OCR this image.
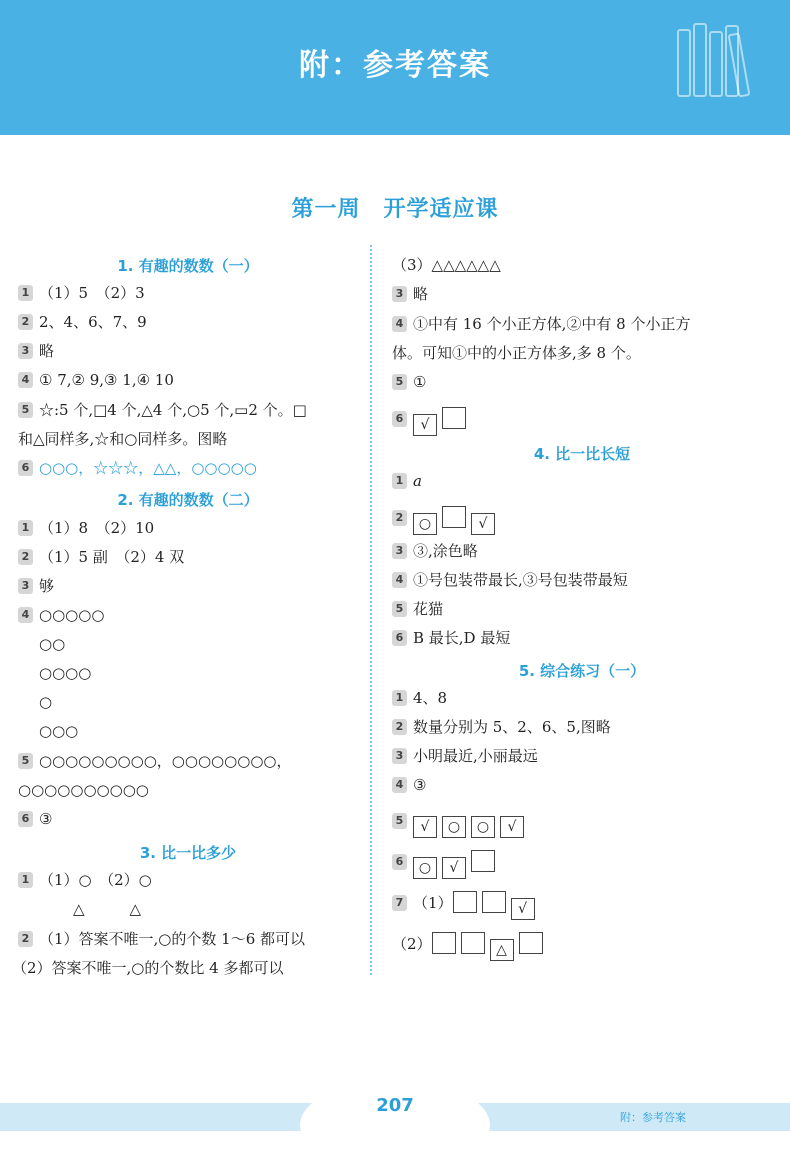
附：参考答案
第一周　开学适应课
1. 有趣的数数（一）
1 （1）5　（2）3
2 2、4、6、7、9
3 略
4 ① 7,② 9,③ 1,④ 10
5 ☆:5 个,□4 个,△4 个,○5 个,▭2 个。□
和△同样多,☆和○同样多。图略
6 ○○○，☆☆☆，△△，○○○○○
2. 有趣的数数（二）
1 （1）8　（2）10
2 （1）5 副　（2）4 双
3 够
4 ○○○○○
○○
○○○○
○
○○○
5 ○○○○○○○○○，○○○○○○○○，
○○○○○○○○○○
6 ③
3. 比一比多少
1 （1）○　（2）○
△　　　△
2 （1）答案不唯一,○的个数 1～6 都可以
（2）答案不唯一,○的个数比 4 多都可以
（3）△△△△△△
3 略
4 ①中有 16 个小正方体,②中有 8 个小正方
体。可知①中的小正方体多,多 8 个。
5 ①
6 √
4. 比一比长短
1 a
2 ○	√
3 ③,涂色略
4 ①号包装带最长,③号包装带最短
5 花猫
6 B 最长,D 最短
5. 综合练习（一）
1 4、8
2 数量分别为 5、2、6、5,图略
3 小明最近,小丽最远
4 ③
5 √ ○ ○ √
6 ○ √
7 （1）	√
（2）	△
207
附：参考答案
